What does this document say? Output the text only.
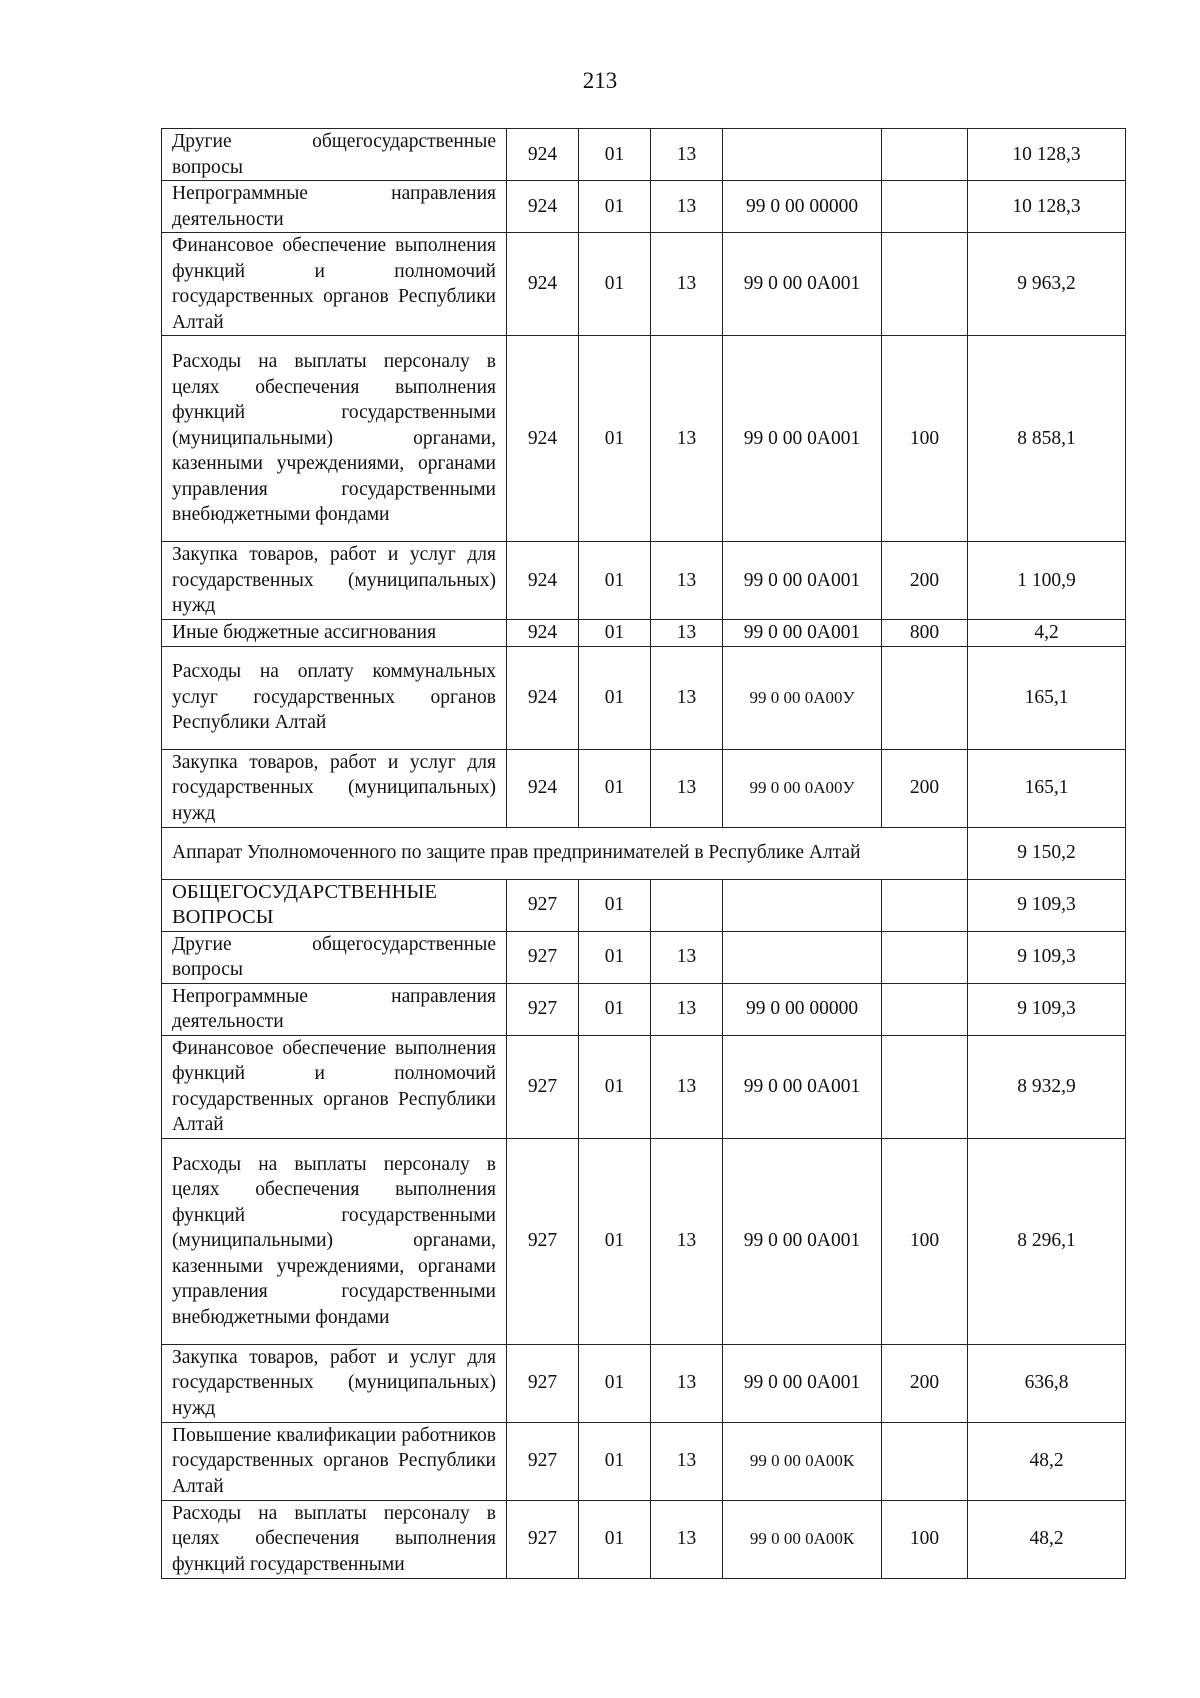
213
Другие общегосударственные вопросы	924	01	13			10 128,3
Непрограммные направления деятельности	924	01	13	99 0 00 00000		10 128,3
Финансовое обеспечение выполнения функций и полномочий государственных органов Республики Алтай	924	01	13	99 0 00 0А001		9 963,2
Расходы на выплаты персоналу в целях обеспечения выполнения функций государственными (муниципальными) органами, казенными учреждениями, органами управления государственными внебюджетными фондами	924	01	13	99 0 00 0А001	100	8 858,1
Закупка товаров, работ и услуг для государственных (муниципальных) нужд	924	01	13	99 0 00 0А001	200	1 100,9
Иные бюджетные ассигнования	924	01	13	99 0 00 0А001	800	4,2
Расходы на оплату коммунальных услуг государственных органов Республики Алтай	924	01	13	99 0 00 0А00У		165,1
Закупка товаров, работ и услуг для государственных (муниципальных) нужд	924	01	13	99 0 00 0А00У	200	165,1
Аппарат Уполномоченного по защите прав предпринимателей в Республике Алтай						9 150,2
ОБЩЕГОСУДАРСТВЕННЫЕ ВОПРОСЫ	927	01				9 109,3
Другие общегосударственные вопросы	927	01	13			9 109,3
Непрограммные направления деятельности	927	01	13	99 0 00 00000		9 109,3
Финансовое обеспечение выполнения функций и полномочий государственных органов Республики Алтай	927	01	13	99 0 00 0А001		8 932,9
Расходы на выплаты персоналу в целях обеспечения выполнения функций государственными (муниципальными) органами, казенными учреждениями, органами управления государственными внебюджетными фондами	927	01	13	99 0 00 0А001	100	8 296,1
Закупка товаров, работ и услуг для государственных (муниципальных) нужд	927	01	13	99 0 00 0А001	200	636,8
Повышение квалификации работников государственных органов Республики Алтай	927	01	13	99 0 00 0А00К		48,2
Расходы на выплаты персоналу в целях обеспечения выполнения функций государственными	927	01	13	99 0 00 0А00К	100	48,2
